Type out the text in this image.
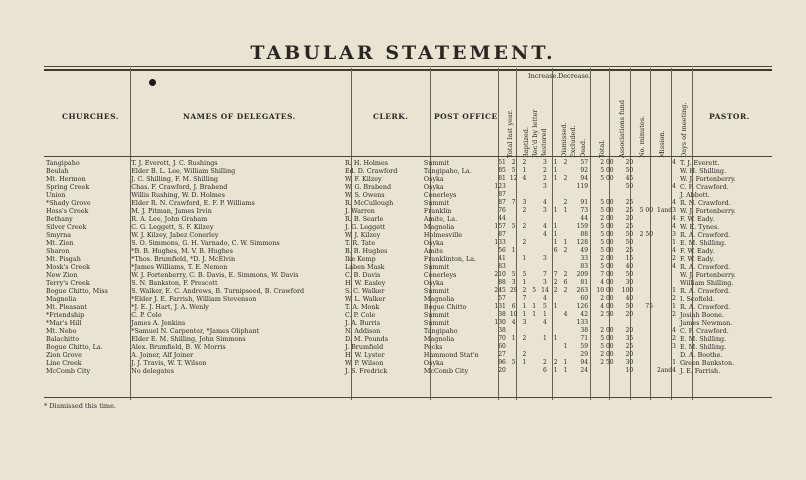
TABULAR STATEMENT.
CHURCHES.	NAMES OF DELEGATES.	CLERK.	POST OFFICE	PASTOR.
Increase. Decrease.
Total last year. Baptized. Rec'd by letter Restored Dismissed. Excluded. Dead. Total. Associations fund No. minutes. Mission. Days of meeting.
Tangipaho	T. J. Everett, J. C. Rushings	R. H. Holmes	Summit	51	2	2		3	1	2	57	2 00	20		4	T. J. Everett.
Beulah	Elder B. L. Lee, William Shilling	Ed. D. Crawford	Tangipaho, La.	85	5	1		2	1		92	5 00	50			W. H. Shilling.
Mt. Hermon	J. C. Shilling, F. M. Shilling	W. F. Kilzey	Osyka	81	12	4		2	1	2	94	5 00	45			W. J. Fortenberry.
Spring Creek	Chas. F. Crawford, J. Brabend	W. G. Brabend	Osyka	123				3			119		50		4	C. F. Crawford.
Union	Willis Rushing, W. D. Holmes	W. S. Owens	Conerleys	87												J. Abbott.
*Shady Grove	Elder R. N. Crawford, E. F. P. Williams	R. McCullough	Summit	87	7	3		4		2	91	5 00	25		4	R. N. Crawford.
Hoss's Creek	M. J. Pitman, James Irvin	J. Warren	Franklin	76		2		3	1	1	73	5 00	25	5 00	1and3	W. J. Fortenberry.
Bethany	R. A. Lee, John Graham	R. B. Searle	Amite, La.	44							44	2 00	20		4	F. W. Eady.
Silver Creek	C. G. Leggett, S. F. Kilzey	J. G. Leggett	Magnolia	157	5	2		4	1		159	5 00	25		4	W. E. Tynes.
Smyrna	W. J. Kilzey, Jabez Conerley	W. J. Kilzey	Holmesville	87				4	1		88	5 00	50	2 50	3	R. A. Crawford.
Mt. Zion	S. O. Simmons, G. H. Varnado, C. W. Simmons	T. R. Tate	Osyka	133		2			1	1	128	5 00	50		1	E. M. Shilling.
Sharon	*B. B. Hughes, M. V. B. Hughes	B. B. Hughes	Amite	56	1				6	2	49	5 00	25		4	F. W. Eady.
Mt. Pisgah	*Thos. Brumfield, *D. J. McElvin	Ike Kemp	Franklinton, La.	41		1		3			33	2 00	15		2	F. W. Eady.
Mosk's Creek	*James Williams, T. E. Nemon	Laben Mask	Summit	83							83	5 00	40		4	R. A. Crawford.
New Zion	W. J. Fortenberry, C. B. Davis, E. Simmons, W. Davis	C. B. Davis	Conerleys	210	5	5		7	7	2	209	7 00	50			W. J. Fortenberry.
Terry's Creek	S. N. Bankston, F. Prescott	H. W. Easley	Osyka	88	3	1		3	2	6	81	4 00	30			William Shilling.
Bogue Chitto, Miss	S. Walker, E. C. Andrews, B. Turnipseed, B. Crawford	S. C. Walker	Summit	245	29	2	5	14	2	2	263	10 00	100		1	R. A. Crawford.
Magnolia	*Elder J. E. Farrish, William Stevenson	W. L. Walker	Magnolia	57		7		4			60	2 00	40		2	I. Scofield.
Mt. Pleasant	*J. E. J. Hart, J. A. Wenly	T. A. Monk	Bogue Chitto	131	6	1	1	5	1		126	4 00	50	75	1	R. A. Crawford.
*Friendship	C. P. Cole	C. P. Cole	Summit	38	10	1	1	1		4	42	2 50	20		2	Josiah Boone.
*Mar's Hill	James A. Jenkins	J. A. Burris	Summit	130	4	3		4			133					James Newman.
Mt. Nebo	*Samuel N. Carpenter, *James Oliphant	N. Addison	Tangipaho	38							38	2 00	20		4	C. F. Crawford.
Balachitto	Elder E. M. Shilling, John Simmons	D. M. Pounds	Magnolia	70	1	2		1	1		71	5 00	35		2	E. M. Shilling.
Bogue Chitto, La.	Alex. Brumfield, B. W. Morris	J. Brumfield	Pecks	60						1	59	5 00	25		3	E. M. Shilling.
Zion Grove	A. Joiner, Alf Joiner	H. W. Lyster	Hammond Stat'n	27		2					29	2 00	20			D. A. Boothe.
Line Creek	J. J. Travis, W. T. Wilson	W. P. Wilson	Osyka	96	5	1		2	2	1	94	2 50	30		1	Green Bankston.
McComb City	No delegates	J. S. Fredrick	McComb City	20				6	1	1	24		10		2and4	J. E. Farrish.
* Dismissed this time.
